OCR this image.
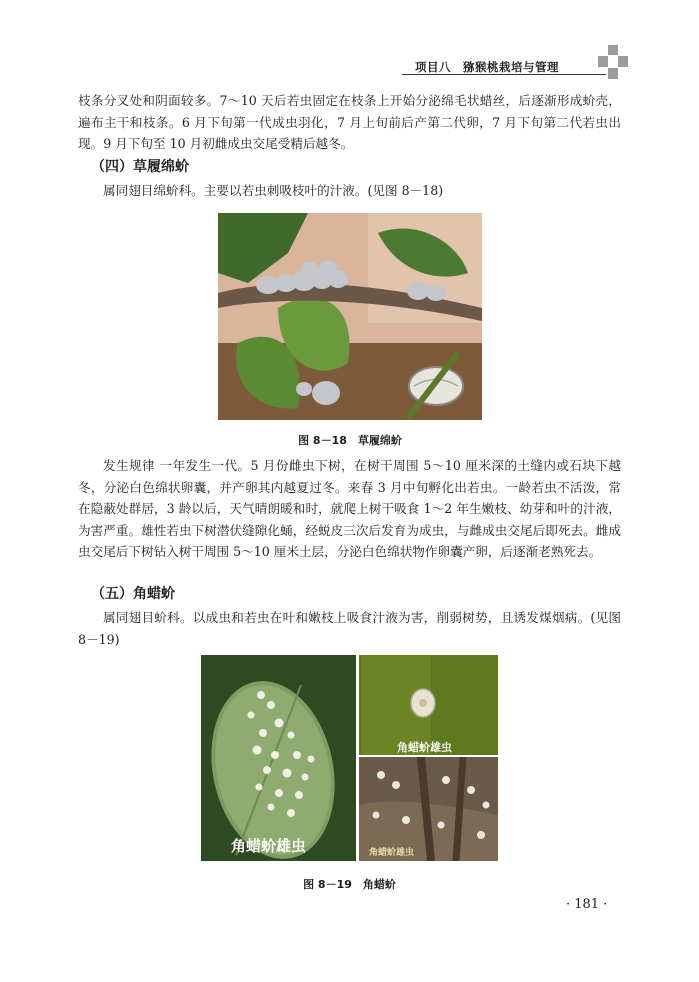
项目八　猕猴桃栽培与管理
枝条分叉处和阴面较多。7～10 天后若虫固定在枝条上开始分泌绵毛状蜡丝，后逐渐形成蚧壳，遍布主干和枝条。6 月下旬第一代成虫羽化，7 月上旬前后产第二代卵，7 月下旬第二代若虫出现。9 月下旬至 10 月初雌成虫交尾受精后越冬。
（四）草履绵蚧
属同翅目绵蚧科。主要以若虫刺吸枝叶的汁液。(见图 8－18)
图 8－18　草履绵蚧
发生规律 一年发生一代。5 月份雌虫下树，在树干周围 5～10 厘米深的土缝内或石块下越冬，分泌白色绵状卵囊，并产卵其内越夏过冬。来春 3 月中旬孵化出若虫。一龄若虫不活泼，常在隐蔽处群居，3 龄以后，天气晴朗暖和时，就爬上树干吸食 1～2 年生嫩枝、幼芽和叶的汁液，为害严重。雄性若虫下树潜伏缝隙化蛹，经蜕皮三次后发育为成虫，与雌成虫交尾后即死去。雌成虫交尾后下树钻入树干周围 5～10 厘米土层，分泌白色绵状物作卵囊产卵，后逐渐老熟死去。
（五）角蜡蚧
属同翅目蚧科。以成虫和若虫在叶和嫩枝上吸食汁液为害，削弱树势，且诱发煤烟病。(见图 8－19)
角蜡蚧雄虫
角蜡蚧雄虫
角蜡蚧雄虫
图 8－19　角蜡蚧
· 181 ·
